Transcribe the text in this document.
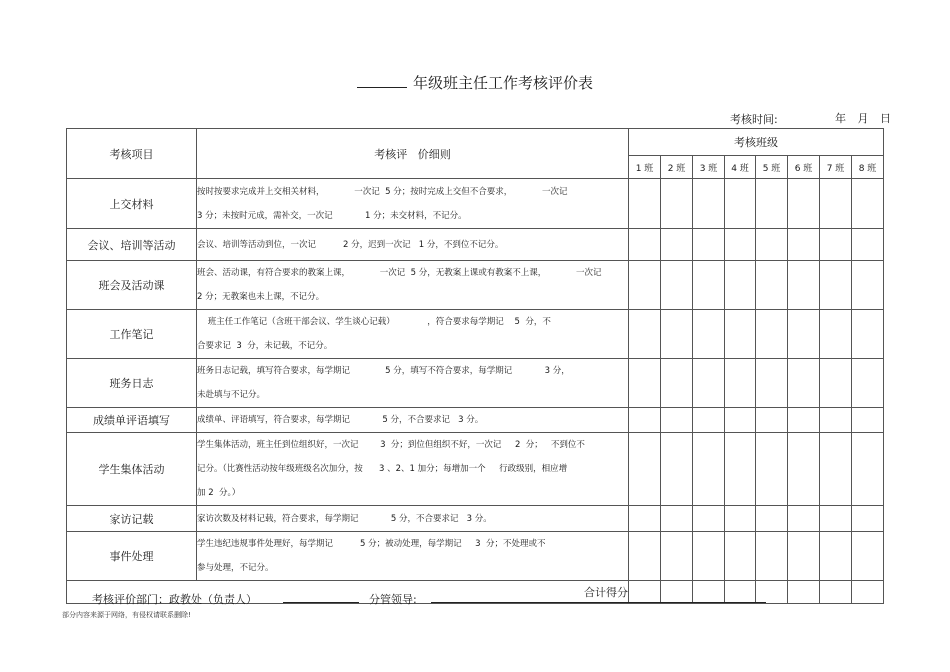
年级班主任工作考核评价表
考核时间:	年 月 日
考核项目	考核评   价细则	考核班级							
		1 班	2 班	3 班	4 班	5 班	6 班	7 班	8 班
上交材料	按时按要求完成并上交相关材料，           一次记  5 分；按时完成上交但不合要求，           一次记
3 分；未按时元成，需补交，一次记            1 分；未交材料，不记分。								

会议、培训等活动	会议、培训等活动到位，一次记          2 分，迟到一次记   1 分，不到位不记分。								

班会及活动课	班会、活动课，有符合要求的教案上课，           一次记  5 分，无教案上课或有教案不上课，           一次记
2 分；无教案也未上课，不记分。								

工作笔记	班主任工作笔记（含班干部会议、学生谈心记载）            ，符合要求每学期记    5  分，不
合要求记  3  分，未记载，不记分。								

班务日志	班务日志记载，填写符合要求，每学期记             5 分，填写不符合要求，每学期记            3 分，
未赴填与不记分。								

成绩单评语填写	成绩单、评语填写，符合要求，每学期记            5 分，不合要求记   3 分。								

学生集体活动	学生集体活动，班主任到位组织好，一次记        3  分；到位但组织不好，一次记     2  分；   不到位不
记分。（比赛性活动按年级班级名次加分，按      3 、2、1 加分；每增加一个     行政级别，相应增
加 2  分。）								

家访记载	家访次数及材料记载，符合要求，每学期记            5 分，不合要求记   3 分。								

事件处理	学生违纪违规事件处理好，每学期记          5 分；被动处理，每学期记     3  分；不处理或不
参与处理，不记分。								

合计得分									
考核评价部门：政教处（负责人）	分管领导:
部分内容来源于网络，有侵权请联系删除!
